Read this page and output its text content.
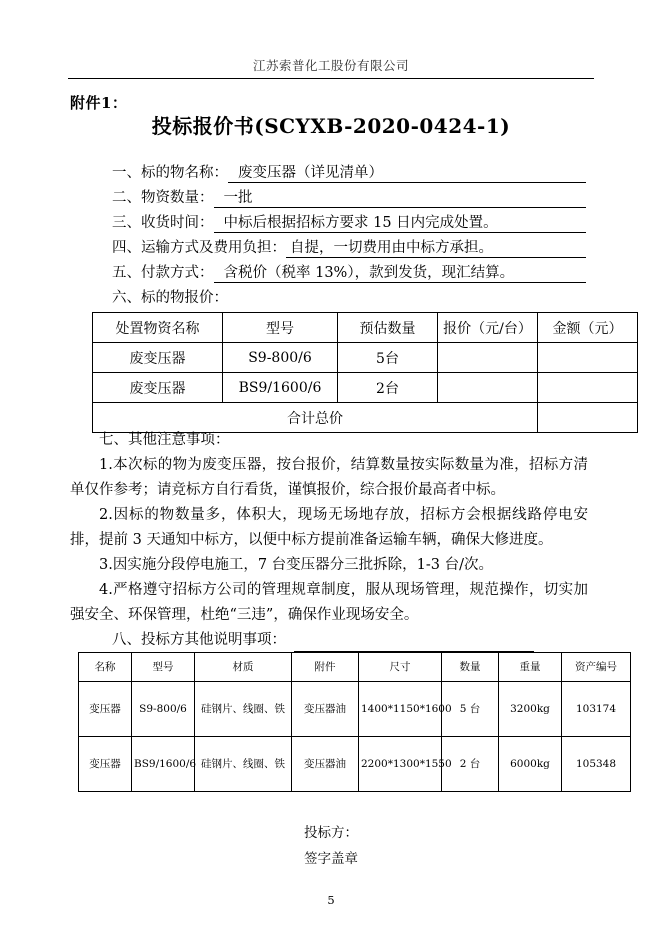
江苏索普化工股份有限公司
附件1：
投标报价书(SCYXB-2020-0424-1)
一、标的物名称： 废变压器（详见清单）
二、物资数量： 一批
三、收货时间： 中标后根据招标方要求 15 日内完成处置。
四、运输方式及费用负担： 自提，一切费用由中标方承担。
五、付款方式： 含税价（税率 13%），款到发货，现汇结算。
六、标的物报价：
处置物资名称	型号	预估数量	报价（元/台）	金额（元）
废变压器	S9-800/6	5台		
废变压器	BS9/1600/6	2台		
合计总价				

七、其他注意事项：

1.本次标的物为废变压器，按台报价，结算数量按实际数量为准，招标方清单仅作参考；请竞标方自行看货，谨慎报价，综合报价最高者中标。

2.因标的物数量多，体积大，现场无场地存放，招标方会根据线路停电安排，提前 3 天通知中标方，以便中标方提前准备运输车辆，确保大修进度。

3.因实施分段停电施工，7 台变压器分三批拆除，1-3 台/次。

4.严格遵守招标方公司的管理规章制度，服从现场管理，规范操作，切实加强安全、环保管理，杜绝“三违”，确保作业现场安全。

八、投标方其他说明事项：
名称	型号	材质	附件	尺寸	数量	重量	资产编号
变压器	S9-800/6	硅钢片、线圈、铁	变压器油	1400*1150*1600	5 台	3200kg	103174
变压器	BS9/1600/6	硅钢片、线圈、铁	变压器油	2200*1300*1550	2 台	6000kg	105348
投标方：
签字盖章
5
